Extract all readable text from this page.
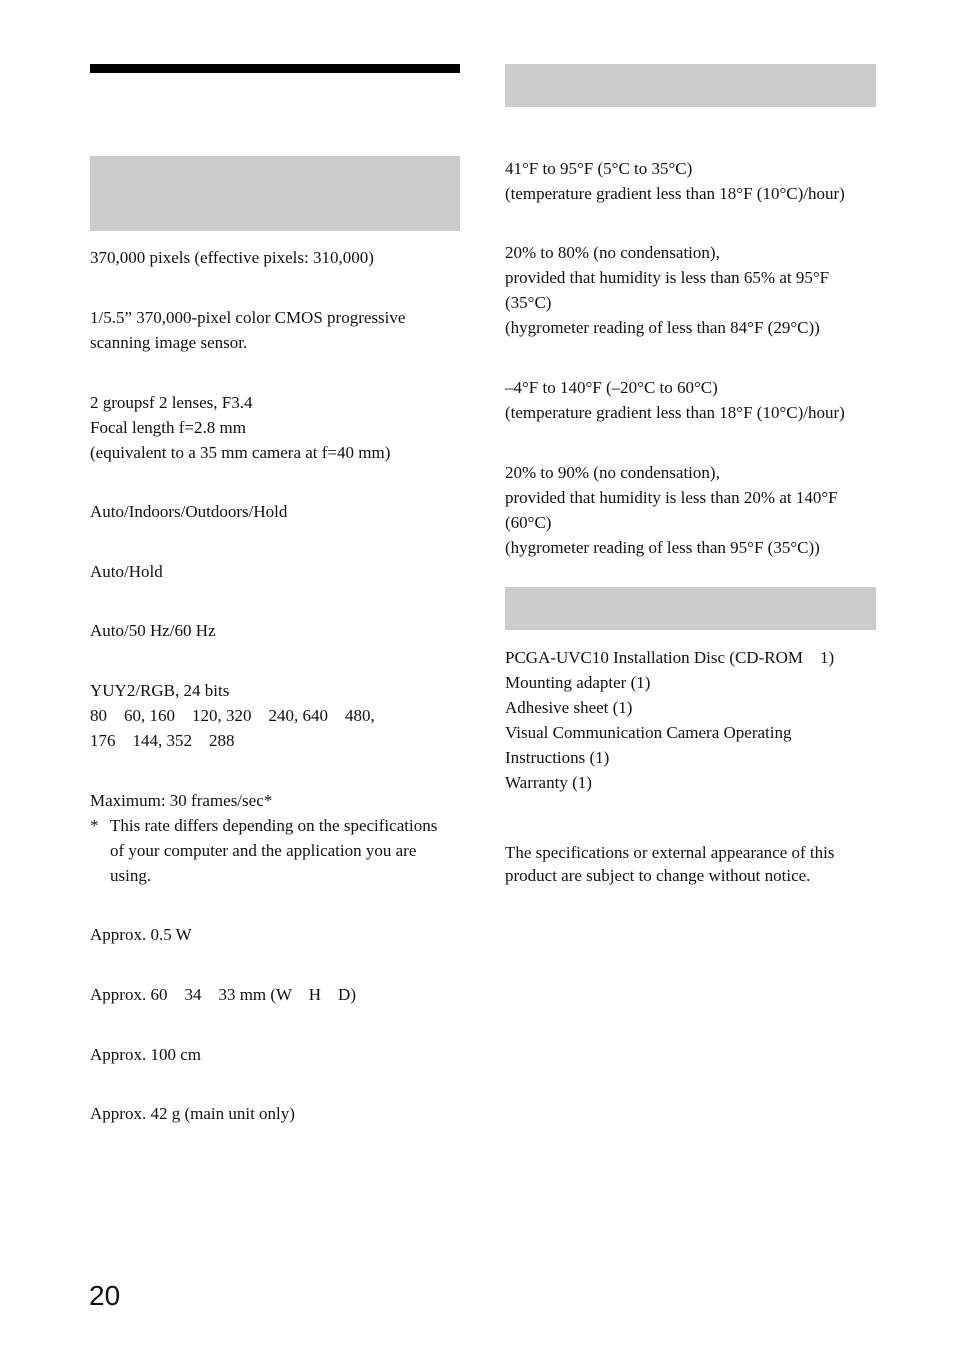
370,000 pixels (effective pixels: 310,000)

1/5.5” 370,000-pixel color CMOS progressive

scanning image sensor.

2 groupsf 2 lenses, F3.4

Focal length f=2.8 mm

(equivalent to a 35 mm camera at f=40 mm)

Auto/Indoors/Outdoors/Hold

Auto/Hold

Auto/50 Hz/60 Hz

YUY2/RGB, 24 bits

80    60, 160    120, 320    240, 640    480,

176    144, 352    288

Maximum: 30 frames/sec*

* This rate differs depending on the specifications

of your computer and the application you are

using.

Approx. 0.5 W

Approx. 60    34    33 mm (W    H    D)

Approx. 100 cm

Approx. 42 g (main unit only)

41°F to 95°F (5°C to 35°C)

(temperature gradient less than 18°F (10°C)/hour)

20% to 80% (no condensation),

provided that humidity is less than 65% at 95°F

(35°C)

(hygrometer reading of less than 84°F (29°C))

–4°F to 140°F (–20°C to 60°C)

(temperature gradient less than 18°F (10°C)/hour)

20% to 90% (no condensation),

provided that humidity is less than 20% at 140°F

(60°C)

(hygrometer reading of less than 95°F (35°C))

PCGA-UVC10 Installation Disc (CD-ROM    1)

Mounting adapter (1)

Adhesive sheet (1)

Visual Communication Camera Operating

Instructions (1)

Warranty (1)

The specifications or external appearance of this

product are subject to change without notice.

20
